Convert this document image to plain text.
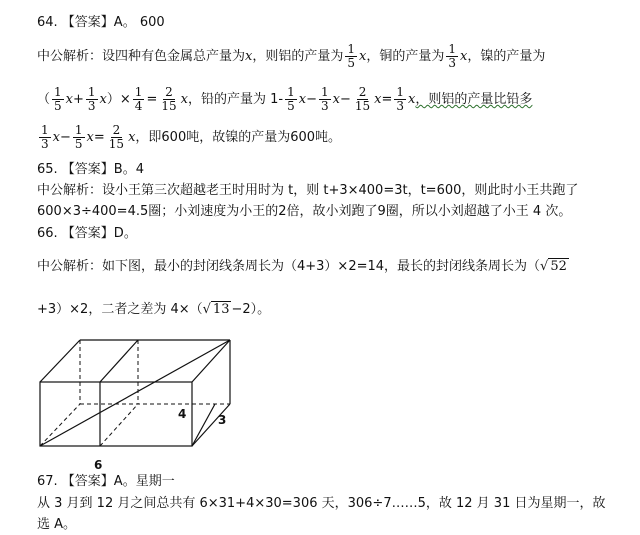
64. 【答案】A。 600
中公解析：设四种有色金属总产量为x，则铝的产量为 $\frac{1}{5}$ x，铜的产量为 $\frac{1}{3}$ x，镍的产量为
（ $\frac{1}{5} x+ \frac{1}{3} x)\times \frac{1}{4} = \frac{2}{15}$ x，铅的产量为 $1- \frac{1}{5} x- \frac{1}{3} x- \frac{2}{15} x= \frac{1}{3}$ x，则铝的产量比铅多
$\frac{1}{3} x- \frac{1}{5} x= \frac{2}{15}$ x，即600吨，故镍的产量为600吨。
65. 【答案】B。4
中公解析：设小王第三次超越老王时用时为 t，则 t+3×400=3t，t=600，则此时小王共跑了
600×3÷400=4.5圈；小刘速度为小王的2倍，故小刘跑了9圈，所以小刘超越了小王 4 次。
66. 【答案】D。
中公解析：如下图，最小的封闭线条周长为（4+3）×2=14，最长的封闭线条周长为（√ 52
+3）×2，二者之差为 4×（√ 13 −2）。
4	3
6
67. 【答案】A。星期一
从 3 月到 12 月之间总共有 6×31+4×30=306 天，306÷7……5，故 12 月 31 日为星期一，故
选 A。
